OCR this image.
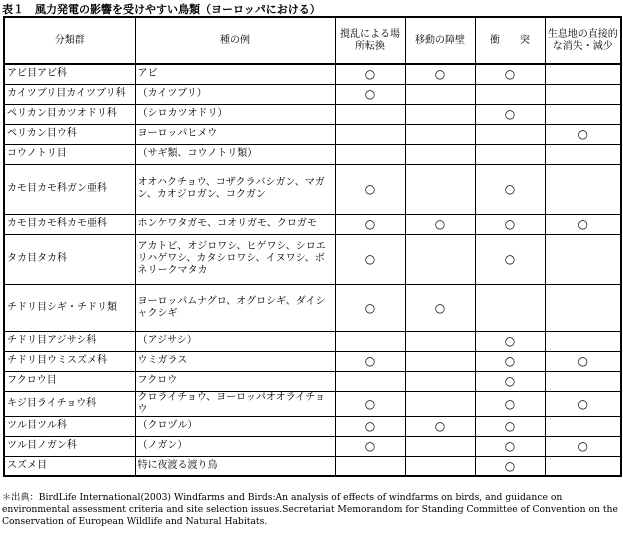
表１　風力発電の影響を受けやすい鳥類（ヨーロッパにおける）
分類群	種の例	撹乱による場所転換	移動の障壁	衝　　突	生息地の直接的な消失・減少
アビ目アビ科	アビ	○	○	○	
カイツブリ目カイツブリ科	（カイツブリ）	○			
ペリカン目カツオドリ科	（シロカツオドリ）			○	
ペリカン目ウ科	ヨーロッパヒメウ				○
コウノトリ目	（サギ類、コウノトリ類）				
カモ目カモ科ガン亜科	オオハクチョウ、コザクラバシガン、マガン、カオジロガン、コクガン	○		○	
カモ目カモ科カモ亜科	ホンケワタガモ、コオリガモ、クロガモ	○	○	○	○
タカ目タカ科	アカトビ、オジロワシ、ヒゲワシ、シロエリハゲワシ、カタシロワシ、イヌワシ、ボネリークマタカ	○		○	
チドリ目シギ・チドリ類	ヨーロッパムナグロ、オグロシギ、ダイシャクシギ	○	○		
チドリ目アジサシ科	（アジサシ）			○	
チドリ目ウミスズメ科	ウミガラス	○		○	○
フクロウ目	フクロウ			○	
キジ目ライチョウ科	クロライチョウ、ヨーロッパオオライチョウ	○		○	○
ツル目ツル科	（クロヅル）	○	○	○	
ツル目ノガン科	（ノガン）	○		○	○
スズメ目	特に夜渡る渡り鳥			○	
＊出典：BirdLife International(2003) Windfarms and Birds:An analysis of effects of windfarms on birds, and guidance on environmental assessment criteria and site selection issues.Secretariat Memorandom for Standing Committee of Convention on the Conservation of European Wildlife and Natural Habitats.
